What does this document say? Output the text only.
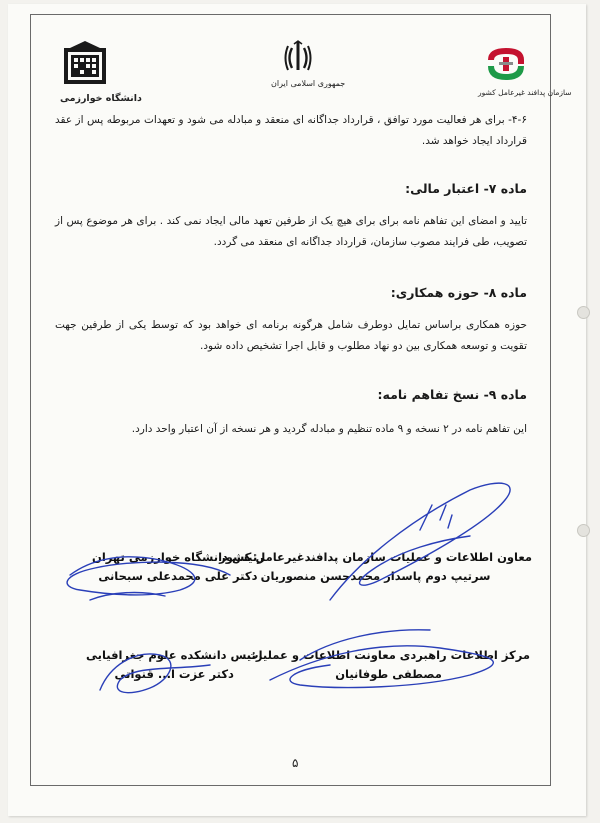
دانشگاه خوارزمی
جمهوری اسلامی ایران
سازمان پدافند غیرعامل کشور

۴-۶- برای هر فعالیت مورد توافق ، قرارداد جداگانه ای منعقد و مبادله می شود و تعهدات مربوطه پس از عقد قرارداد ایجاد خواهد شد.

ماده ۷- اعتبار مالی:

تایید و امضای این تفاهم نامه برای برای هیچ یک از طرفین تعهد مالی ایجاد نمی کند . برای هر موضوع پس از تصویب، طی فرایند مصوب سازمان، قرارداد جداگانه ای منعقد می گردد.

ماده ۸- حوزه همکاری:

حوزه همکاری براساس تمایل دوطرف شامل هرگونه برنامه ای خواهد بود که توسط یکی از طرفین جهت تقویت و توسعه همکاری بین دو نهاد مطلوب و قابل اجرا تشخیص داده شود.

ماده ۹- نسخ تفاهم نامه:

این تفاهم نامه در ۲ نسخه و ۹ ماده تنظیم و مبادله گردید و هر نسخه از آن اعتبار واحد دارد.

معاون اطلاعات و عملیات سازمان پدافندغیرعامل کشور
سرتیپ دوم پاسدار محمدحسن منصوریان
رئیس دانشگاه خوارزمی تهران
دکتر علی محمدعلی سبحانی
مرکز اطلاعات راهبردی معاونت اطلاعات و عملیات
مصطفی طوفانیان
رئیس دانشکده علوم جغرافیایی
دکتر عزت ا... قنواتی
۵
